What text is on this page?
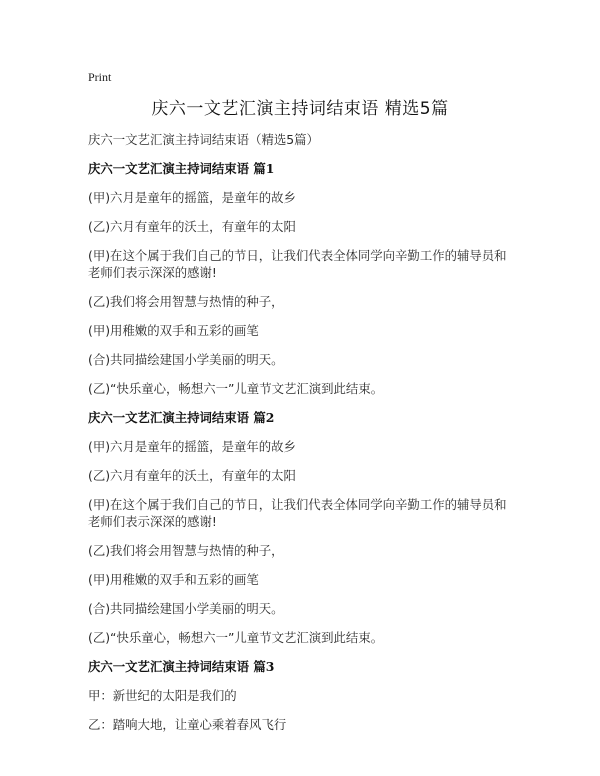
Print
庆六一文艺汇演主持词结束语 精选5篇
庆六一文艺汇演主持词结束语（精选5篇）
庆六一文艺汇演主持词结束语 篇1
(甲)六月是童年的摇篮，是童年的故乡
(乙)六月有童年的沃土，有童年的太阳
(甲)在这个属于我们自己的节日，让我们代表全体同学向辛勤工作的辅导员和老师们表示深深的感谢!
(乙)我们将会用智慧与热情的种子，
(甲)用稚嫩的双手和五彩的画笔
(合)共同描绘建国小学美丽的明天。
(乙)“快乐童心，畅想六一”儿童节文艺汇演到此结束。
庆六一文艺汇演主持词结束语 篇2
(甲)六月是童年的摇篮，是童年的故乡
(乙)六月有童年的沃土，有童年的太阳
(甲)在这个属于我们自己的节日，让我们代表全体同学向辛勤工作的辅导员和老师们表示深深的感谢!
(乙)我们将会用智慧与热情的种子，
(甲)用稚嫩的双手和五彩的画笔
(合)共同描绘建国小学美丽的明天。
(乙)“快乐童心，畅想六一”儿童节文艺汇演到此结束。
庆六一文艺汇演主持词结束语 篇3
甲：新世纪的太阳是我们的
乙：踏响大地，让童心乘着春风飞行
